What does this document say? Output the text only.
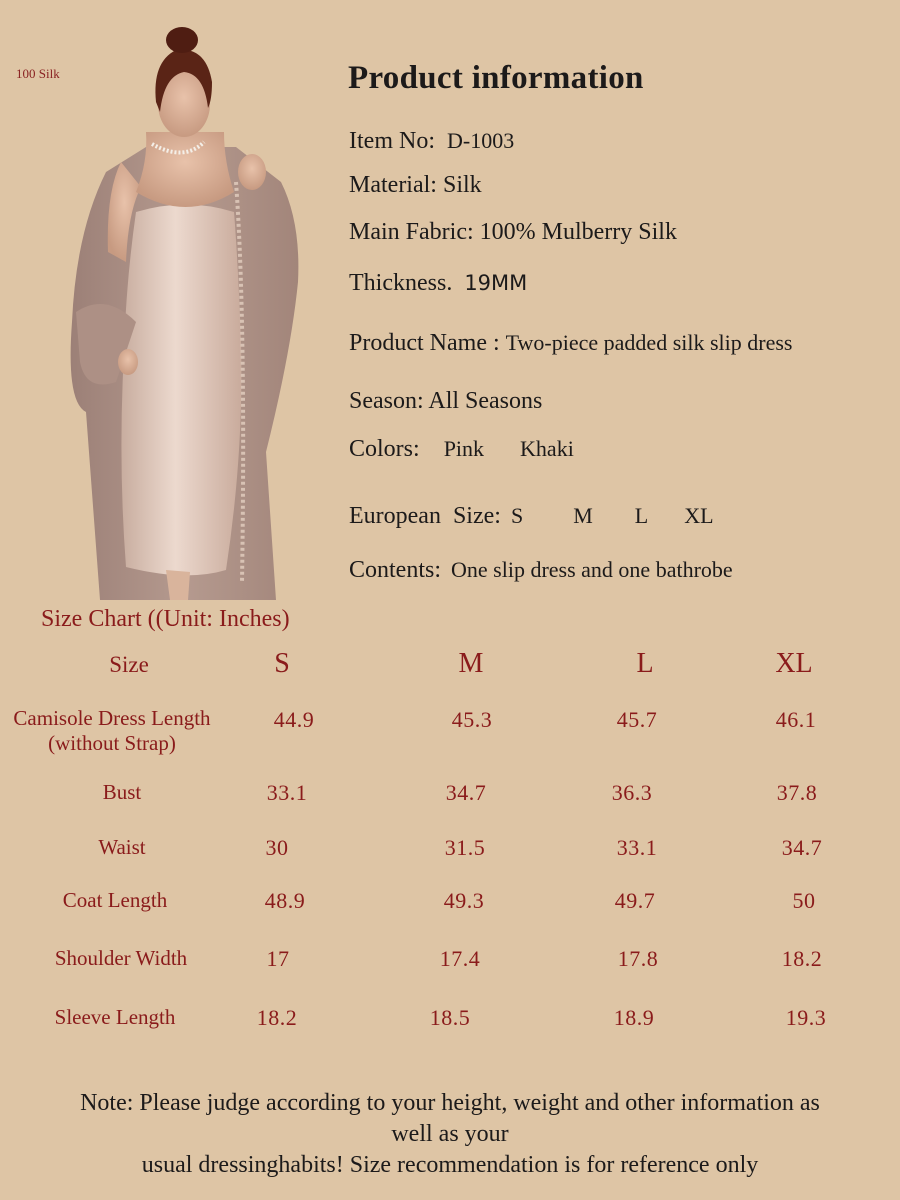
100 Silk	Product information
Item No: D-1003
Material: Silk
Main Fabric: 100% Mulberry Silk
Thickness. 19MM
Product Name : Two-piece padded silk slip dress
Season: All Seasons
Colors: Pink Khaki
European  Size: S M L XL
Contents: One slip dress and one bathrobe
Size Chart ((Unit: Inches)
Size	S	M	L	XL
Camisole Dress Length
(without Strap)
44.9	45.3	45.7	46.1
Bust	33.1	34.7	36.3	37.8
Waist	30	31.5	33.1	34.7
Coat Length	48.9	49.3	49.7	50
Shoulder Width	17	17.4	17.8	18.2
Sleeve Length	18.2	18.5	18.9	19.3
Note: Please judge according to your height, weight and other information as
well as your
usual dressinghabits! Size recommendation is for reference only
